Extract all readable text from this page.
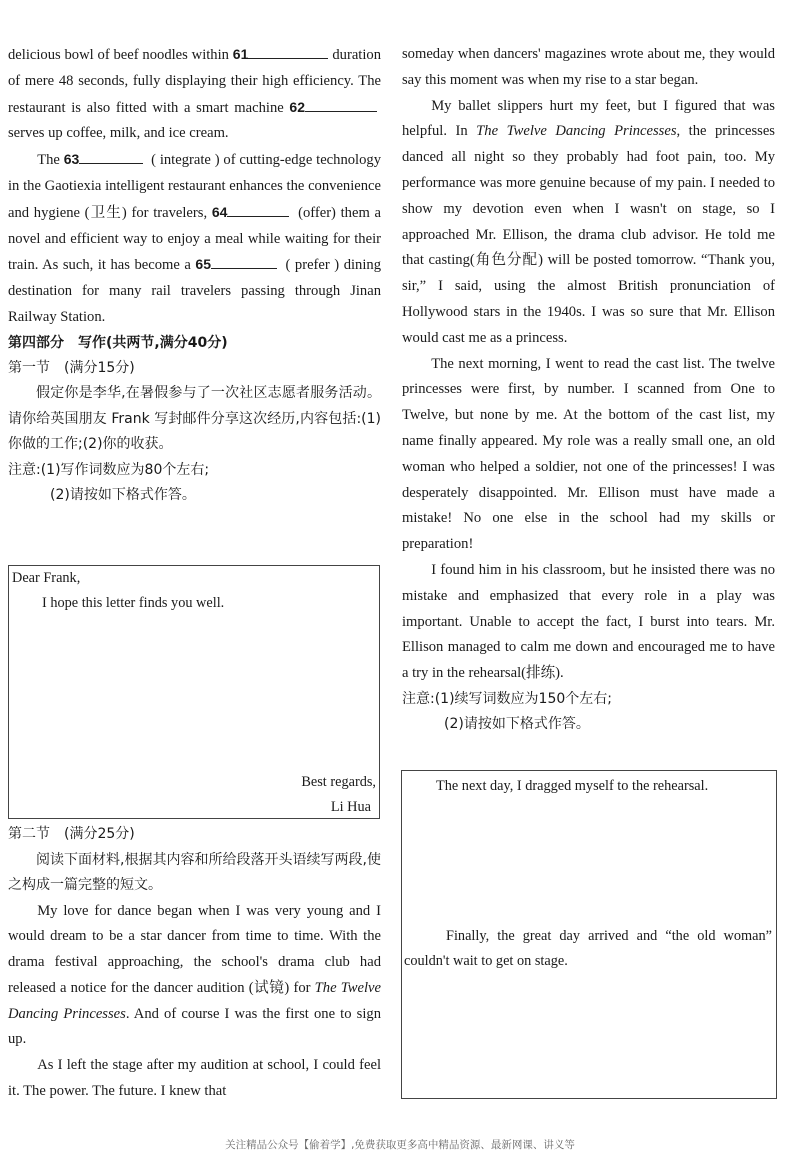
delicious bowl of beef noodles within 61	duration of mere 48 seconds, fully displaying their high efficiency. The restaurant is also fitted with a smart machine 62 serves up coffee, milk, and ice cream.

The 63	( integrate ) of cutting-edge technology in the Gaotiexia intelligent restaurant enhances the convenience and hygiene (卫生) for travelers, 64	(offer) them a novel and efficient way to enjoy a meal while waiting for their train. As such, it has become a 65	( prefer ) dining destination for many rail travelers passing through Jinan Railway Station.

第四部分　写作(共两节,满分40分)
第一节　(满分15分)

假定你是李华,在暑假参与了一次社区志愿者服务活动。请你给英国朋友 Frank 写封邮件分享这次经历,内容包括:(1)你做的工作;(2)你的收获。

注意:(1)写作词数应为80个左右;
(2)请按如下格式作答。

Dear Frank,

I hope this letter finds you well.

Best regards,

Li Hua

第二节　(满分25分)

阅读下面材料,根据其内容和所给段落开头语续写两段,使之构成一篇完整的短文。

My love for dance began when I was very young and I would dream to be a star dancer from time to time. With the drama festival approaching, the school's drama club had released a notice for the dancer audition (试镜) for The Twelve Dancing Princesses. And of course I was the first one to sign up.

As I left the stage after my audition at school, I could feel it. The power. The future. I knew that

someday when dancers' magazines wrote about me, they would say this moment was when my rise to a star began.

My ballet slippers hurt my feet, but I figured that was helpful. In The Twelve Dancing Princesses, the princesses danced all night so they probably had foot pain, too. My performance was more genuine because of my pain. I needed to show my devotion even when I wasn't on stage, so I approached Mr. Ellison, the drama club advisor. He told me that casting(角色分配) will be posted tomorrow. “Thank you, sir,” I said, using the almost British pronunciation of Hollywood stars in the 1940s. I was so sure that Mr. Ellison would cast me as a princess.

The next morning, I went to read the cast list. The twelve princesses were first, by number. I scanned from One to Twelve, but none by me. At the bottom of the cast list, my name finally appeared. My role was a really small one, an old woman who helped a soldier, not one of the princesses! I was desperately disappointed. Mr. Ellison must have made a mistake! No one else in the school had my skills or preparation!

I found him in his classroom, but he insisted there was no mistake and emphasized that every role in a play was important. Unable to accept the fact, I burst into tears. Mr. Ellison managed to calm me down and encouraged me to have a try in the rehearsal(排练).

注意:(1)续写词数应为150个左右;
(2)请按如下格式作答。

The next day, I dragged myself to the rehearsal.

Finally, the great day arrived and “the old woman” couldn't wait to get on stage.

关注精品公众号【偷着学】,免费获取更多高中精品资源、最新网课、讲义等
